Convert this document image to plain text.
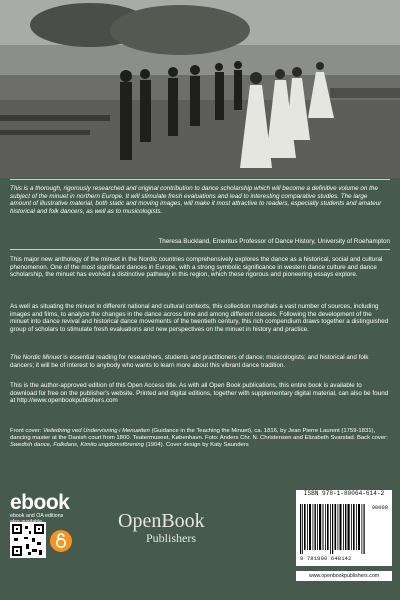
This is a thorough, rigorously researched and original contribution to dance scholarship which will become a definitive volume on the subject of the minuet in northern Europe. It will stimulate fresh evaluations and lead to interesting comparative studies. The large amount of illustrative material, both static and moving images, will make it most attractive to readers, especially students and amateur historical and folk dancers, as well as to musicologists.

Theresa Buckland, Emeritus Professor of Dance History, University of Roehampton

This major new anthology of the minuet in the Nordic countries comprehensively explores the dance as a historical, social and cultural phenomenon. One of the most significant dances in Europe, with a strong symbolic significance in western dance culture and dance scholarship, the minuet has evolved a distinctive pathway in this region, which these rigorous and pioneering essays explore.

As well as situating the minuet in different national and cultural contexts, this collection marshals a vast number of sources, including images and films, to analyze the changes in the dance across time and among different classes. Following the development of the minuet into dance revival and historical dance movements of the twentieth century, this rich compendium draws together a distinguished group of scholars to stimulate fresh evaluations and new perspectives on the minuet in history and practice.

The Nordic Minuet is essential reading for researchers, students and practitioners of dance; musicologists; and historical and folk dancers; it will be of interest to anybody who wants to learn more about this vibrant dance tradition.

This is the author-approved edition of this Open Access title. As with all Open Book publications, this entire book is available to download for free on the publisher's website. Printed and digital editions, together with supplementary digital material, can also be found at http://www.openbookpublishers.com

Front cover: Veiledning ved Undervisning i Menuetten (Guidance in the Teaching the Minuet), ca. 1816, by Jean Pierre Laurent (1759-1831), dancing master at the Danish court from 1800. Teatermuseet, København. Foto: Anders Chr. N. Christensen and Elizabeth Svarstad. Back cover: Swedish dance, Folkdans, Kimito ungdomsförening (1904). Cover design by Katy Saunders

ebook
ebook and OA editions	OpenBook
Publishers
ISBN 978-1-80064-614-2
90000
9 781800 648142
www.openbookpublishers.com
